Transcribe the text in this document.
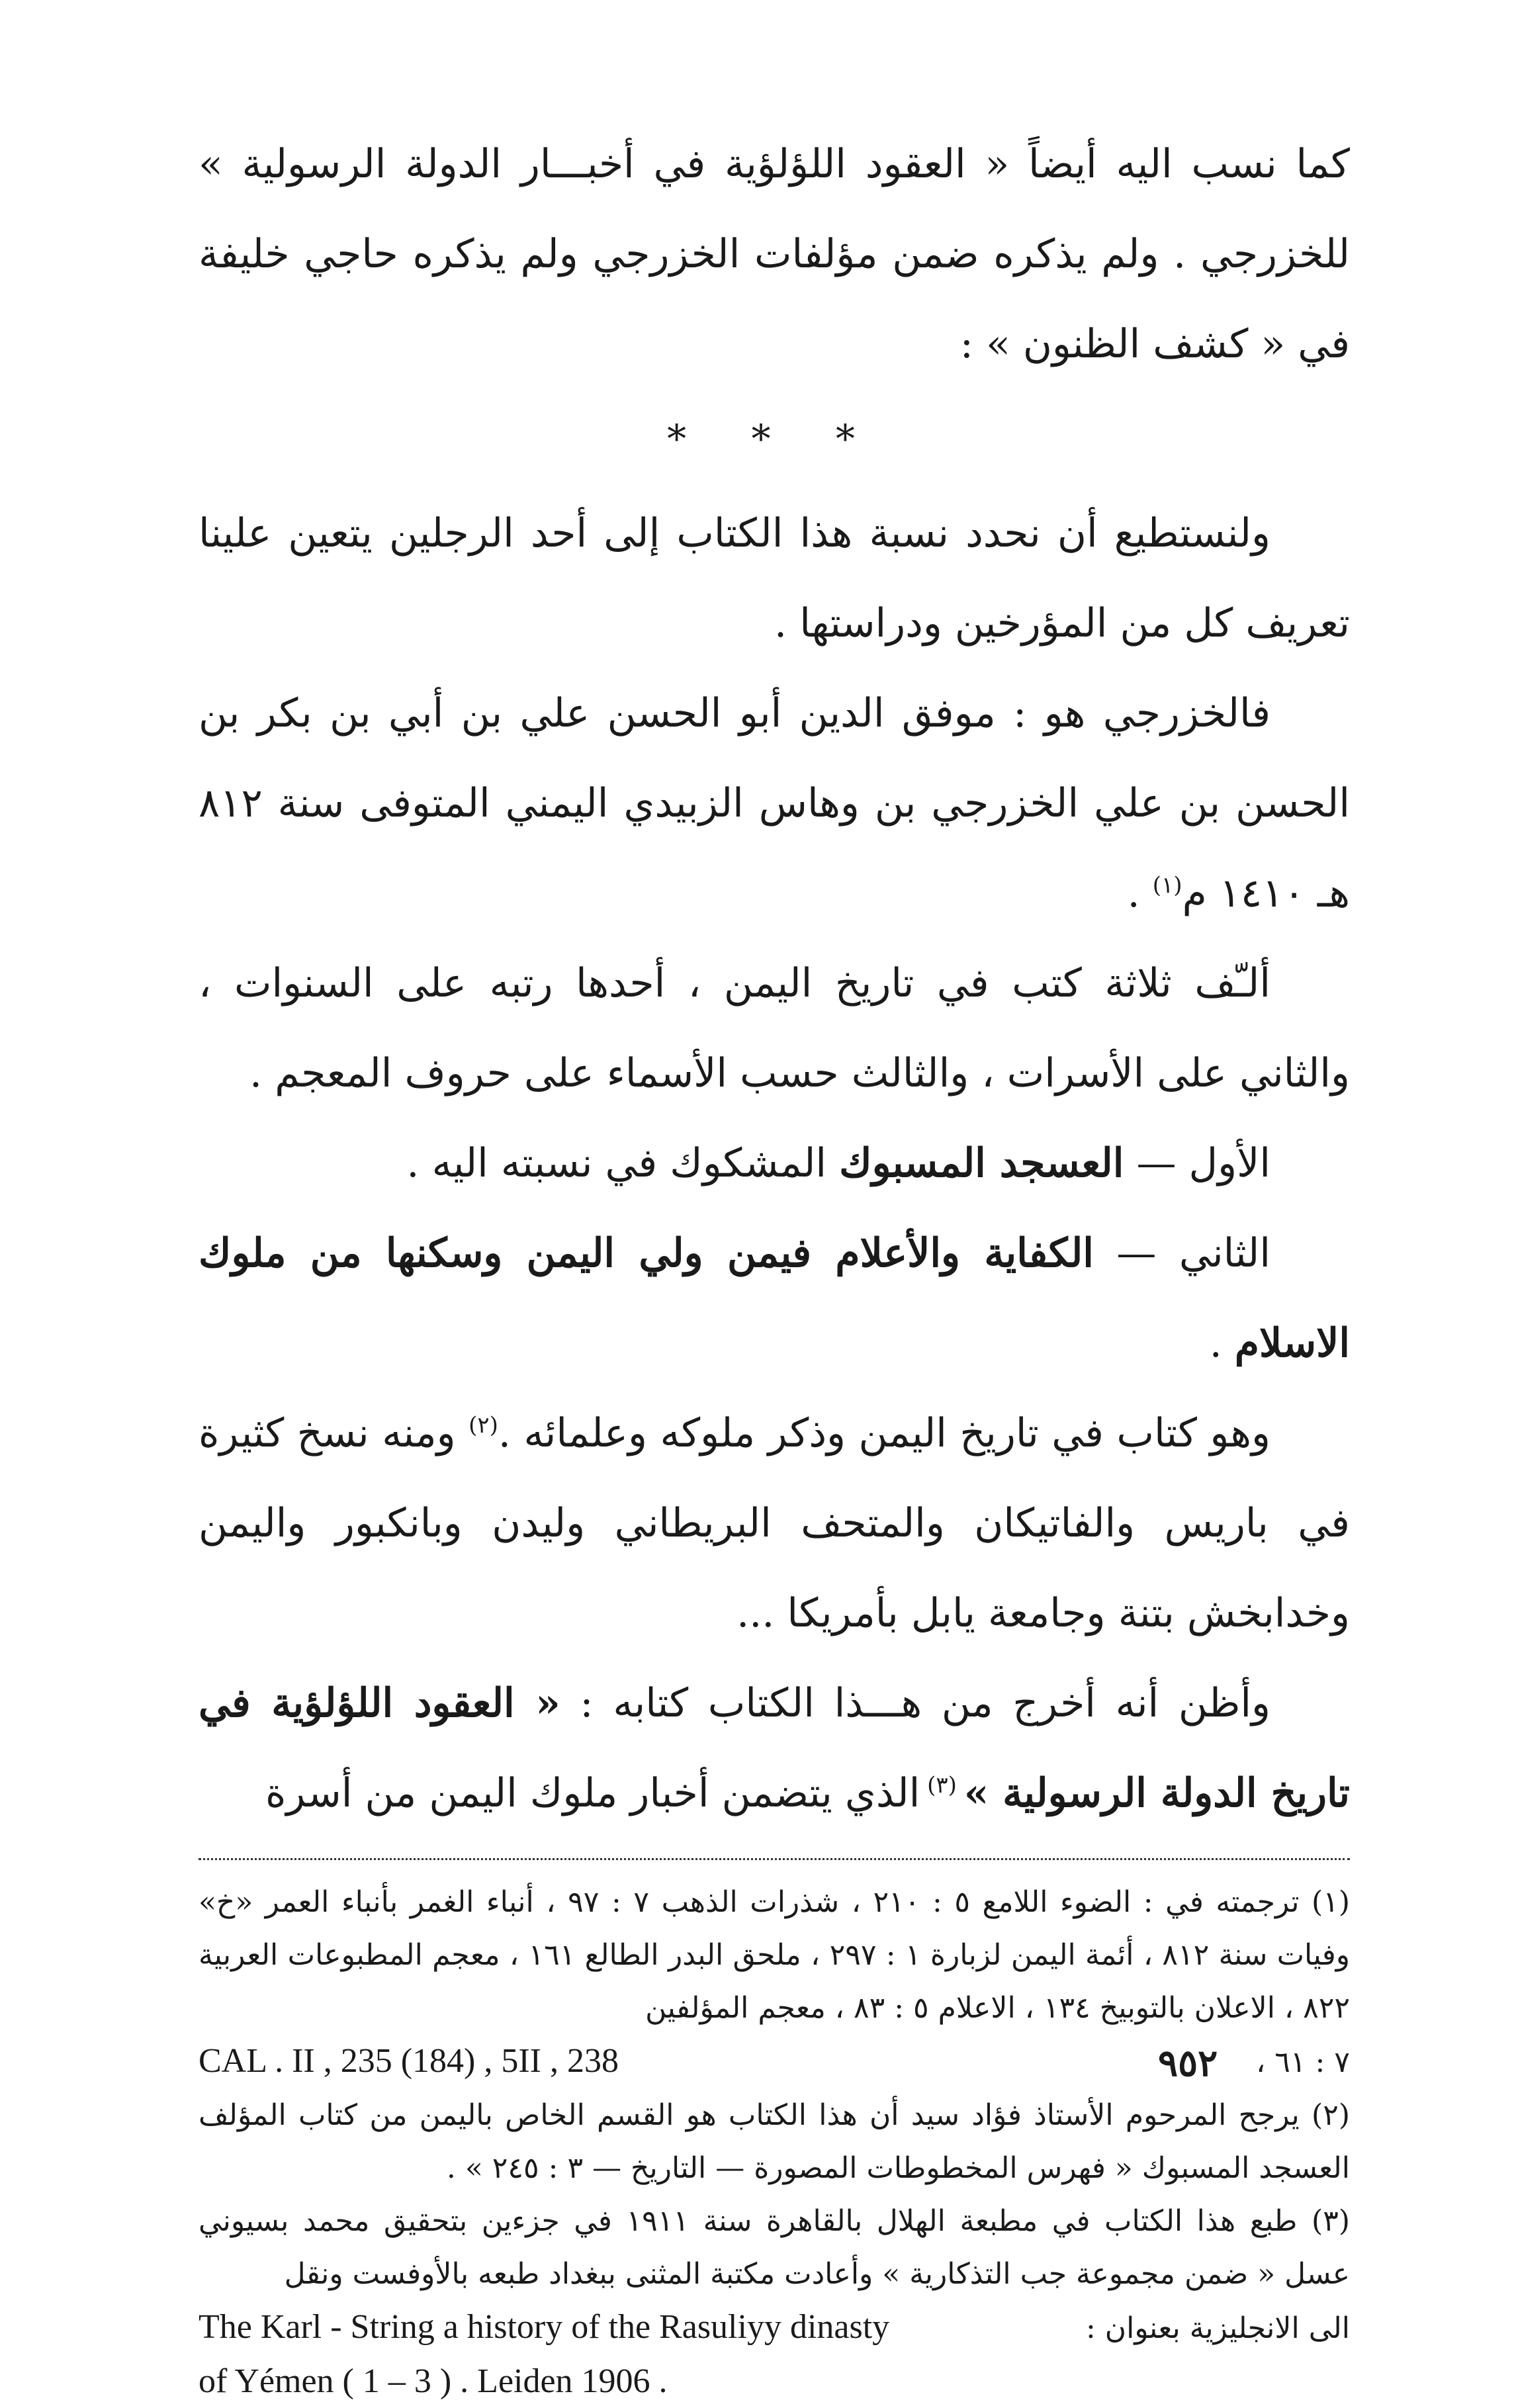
كما نسب اليه أيضاً « العقود اللؤلؤية في أخبـــار الدولة الرسولية » للخزرجي . ولم يذكره ضمن مؤلفات الخزرجي ولم يذكره حاجي خليفة في « كشف الظنون » :

* * *

ولنستطيع أن نحدد نسبة هذا الكتاب إلى أحد الرجلين يتعين علينا تعريف كل من المؤرخين ودراستها .

فالخزرجي هو : موفق الدين أبو الحسن علي بن أبي بن بكر بن الحسن بن علي الخزرجي بن وهاس الزبيدي اليمني المتوفى سنة ٨١٢ هـ ١٤١٠ م$^{(١)}$ .

ألـّف ثلاثة كتب في تاريخ اليمن ، أحدها رتبه على السنوات ، والثاني على الأسرات ، والثالث حسب الأسماء على حروف المعجم .

الأول — العسجد المسبوك المشكوك في نسبته اليه .

الثاني — الكفاية والأعلام فيمن ولي اليمن وسكنها من ملوك الاسلام .

وهو كتاب في تاريخ اليمن وذكر ملوكه وعلمائه .$^{(٢)}$ ومنه نسخ كثيرة في باريس والفاتيكان والمتحف البريطاني وليدن وبانكبور واليمن وخدابخش بتنة وجامعة يابل بأمريكا ...

وأظن أنه أخرج من هـــذا الكتاب كتابه : « العقود اللؤلؤية في تاريخ الدولة الرسولية » $^{(٣)}$ الذي يتضمن أخبار ملوك اليمن من أسرة

(١) ترجمته في : الضوء اللامع ٥ : ٢١٠ ، شذرات الذهب ٧ : ٩٧ ، أنباء الغمر بأنباء العمر «خ» وفيات سنة ٨١٢ ، أئمة اليمن لزبارة ١ : ٢٩٧ ، ملحق البدر الطالع ١٦١ ، معجم المطبوعات العربية ٨٢٢ ، الاعلان بالتوبيخ ١٣٤ ، الاعلام ٥ : ٨٣ ، معجم المؤلفين

CAL . II , 235 (184) , 5II , 238	٧ : ٦١ ،

(٢) يرجح المرحوم الأستاذ فؤاد سيد أن هذا الكتاب هو القسم الخاص باليمن من كتاب المؤلف العسجد المسبوك « فهرس المخطوطات المصورة — التاريخ — ٣ : ٢٤٥ » .

(٣) طبع هذا الكتاب في مطبعة الهلال بالقاهرة سنة ١٩١١ في جزءين بتحقيق محمد بسيوني عسل « ضمن مجموعة جب التذكارية » وأعادت مكتبة المثنى ببغداد طبعه بالأوفست ونقل

The Karl - String a history of the Rasuliyy dinasty	الى الانجليزية بعنوان :
of Yémen ( 1 – 3 ) . Leiden 1906 .
٩٥٢
